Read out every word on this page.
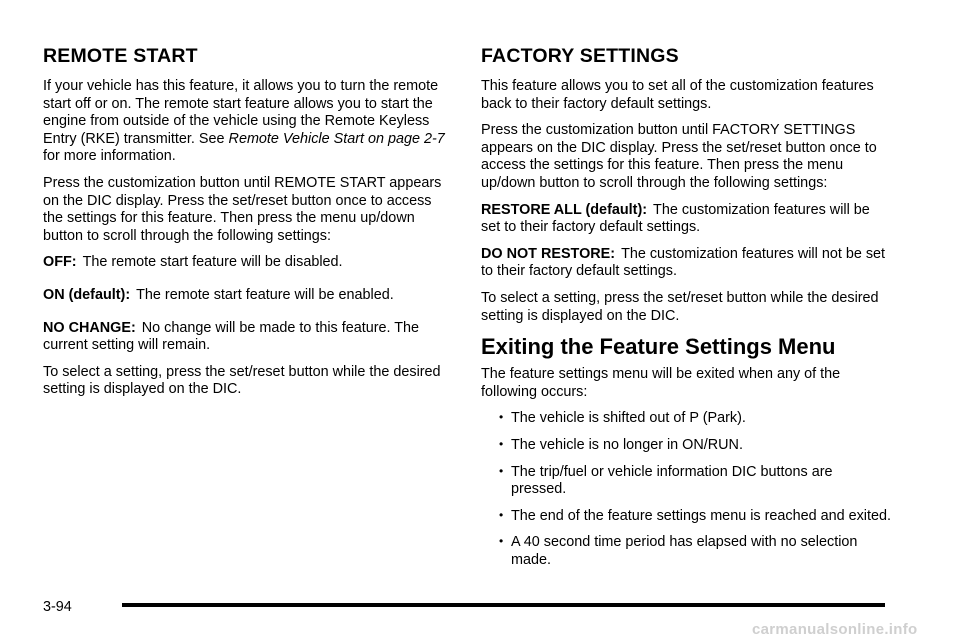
REMOTE START

If your vehicle has this feature, it allows you to turn the remote start off or on. The remote start feature allows you to start the engine from outside of the vehicle using the Remote Keyless Entry (RKE) transmitter. See Remote Vehicle Start on page 2-7 for more information.

Press the customization button until REMOTE START appears on the DIC display. Press the set/reset button once to access the settings for this feature. Then press the menu up/down button to scroll through the following settings:

OFF: The remote start feature will be disabled.

ON (default): The remote start feature will be enabled.

NO CHANGE: No change will be made to this feature. The current setting will remain.

To select a setting, press the set/reset button while the desired setting is displayed on the DIC.

FACTORY SETTINGS

This feature allows you to set all of the customization features back to their factory default settings.

Press the customization button until FACTORY SETTINGS appears on the DIC display. Press the set/reset button once to access the settings for this feature. Then press the menu up/down button to scroll through the following settings:

RESTORE ALL (default): The customization features will be set to their factory default settings.

DO NOT RESTORE: The customization features will not be set to their factory default settings.

To select a setting, press the set/reset button while the desired setting is displayed on the DIC.

Exiting the Feature Settings Menu

The feature settings menu will be exited when any of the following occurs:

• The vehicle is shifted out of P (Park).
• The vehicle is no longer in ON/RUN.
• The trip/fuel or vehicle information DIC buttons are pressed.
• The end of the feature settings menu is reached and exited.
• A 40 second time period has elapsed with no selection made.
3-94
carmanualsonline.info
